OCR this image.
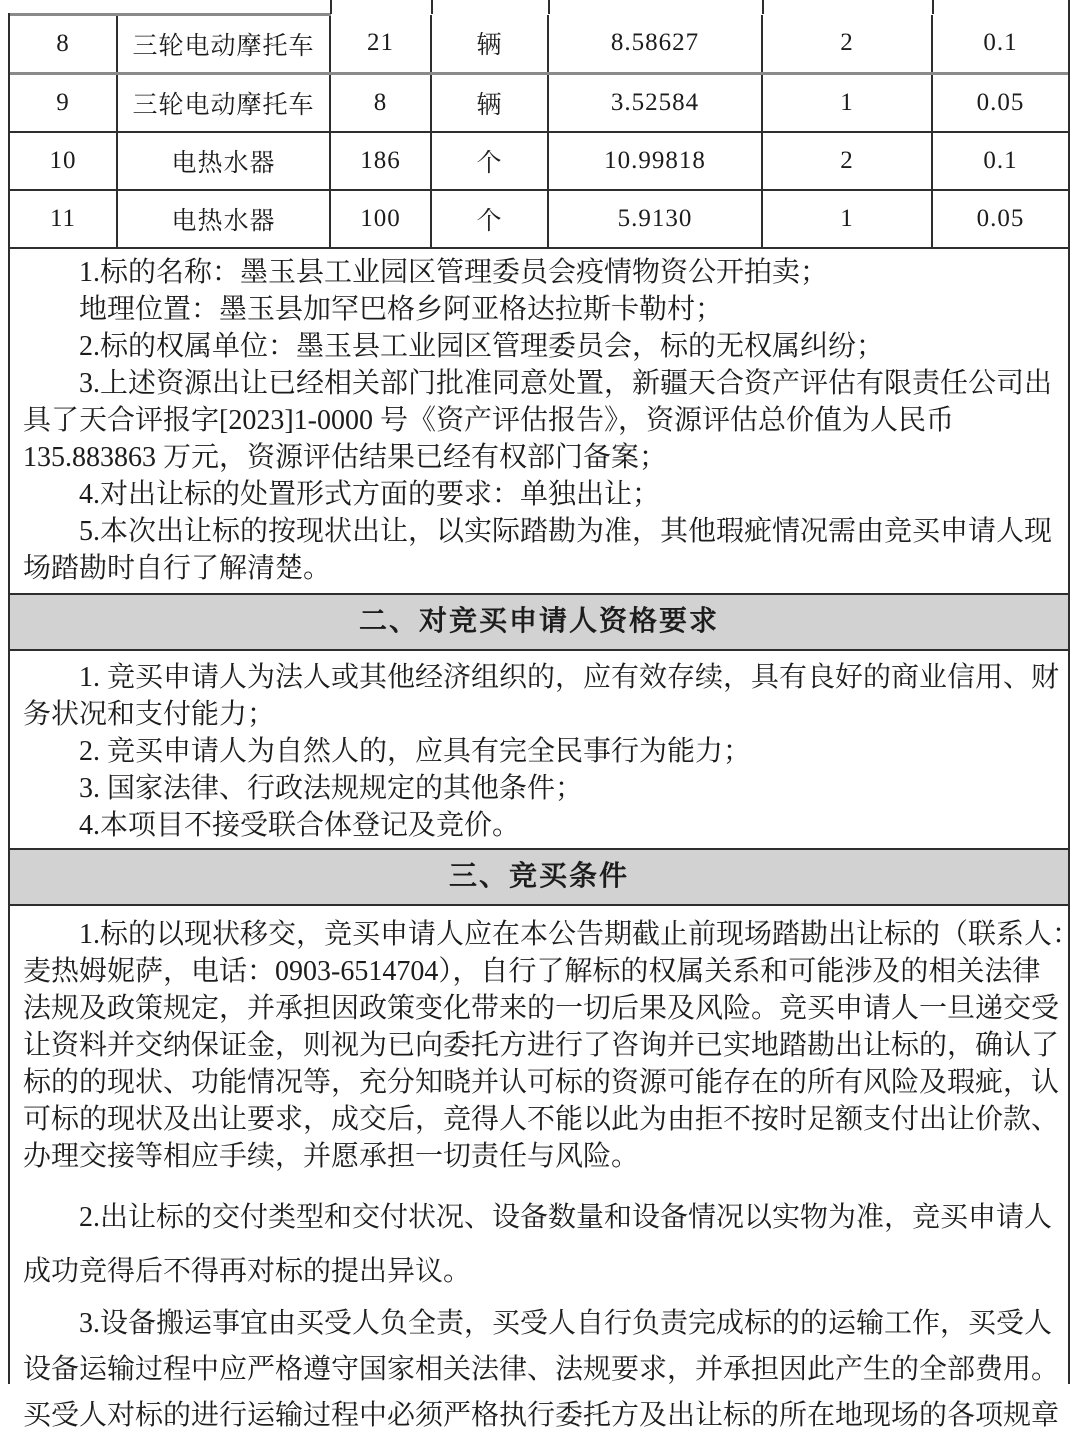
8	三轮电动摩托车	21	辆	8.58627	2	0.1
9	三轮电动摩托车	8	辆	3.52584	1	0.05
10	电热水器	186	个	10.99818	2	0.1
11	电热水器	100	个	5.9130	1	0.05
1.标的名称：墨玉县工业园区管理委员会疫情物资公开拍卖；
地理位置：墨玉县加罕巴格乡阿亚格达拉斯卡勒村；
2.标的权属单位：墨玉县工业园区管理委员会，标的无权属纠纷；
3.上述资源出让已经相关部门批准同意处置，新疆天合资产评估有限责任公司出
具了天合评报字[2023]1-0000 号《资产评估报告》，资源评估总价值为人民币
135.883863 万元，资源评估结果已经有权部门备案；
4.对出让标的处置形式方面的要求：单独出让；
5.本次出让标的按现状出让，以实际踏勘为准，其他瑕疵情况需由竞买申请人现
场踏勘时自行了解清楚。
二、对竞买申请人资格要求
1. 竞买申请人为法人或其他经济组织的，应有效存续，具有良好的商业信用、财
务状况和支付能力；
2. 竞买申请人为自然人的，应具有完全民事行为能力；
3. 国家法律、行政法规规定的其他条件；
4.本项目不接受联合体登记及竞价。
三、竞买条件
1.标的以现状移交，竞买申请人应在本公告期截止前现场踏勘出让标的（联系人：
麦热姆妮萨，电话：0903-6514704），自行了解标的权属关系和可能涉及的相关法律
法规及政策规定，并承担因政策变化带来的一切后果及风险。竞买申请人一旦递交受
让资料并交纳保证金，则视为已向委托方进行了咨询并已实地踏勘出让标的，确认了
标的的现状、功能情况等，充分知晓并认可标的资源可能存在的所有风险及瑕疵，认
可标的现状及出让要求，成交后，竞得人不能以此为由拒不按时足额支付出让价款、
办理交接等相应手续，并愿承担一切责任与风险。
2.出让标的交付类型和交付状况、设备数量和设备情况以实物为准，竞买申请人
成功竞得后不得再对标的提出异议。
3.设备搬运事宜由买受人负全责，买受人自行负责完成标的的运输工作，买受人
设备运输过程中应严格遵守国家相关法律、法规要求，并承担因此产生的全部费用。
买受人对标的进行运输过程中必须严格执行委托方及出让标的所在地现场的各项规章
